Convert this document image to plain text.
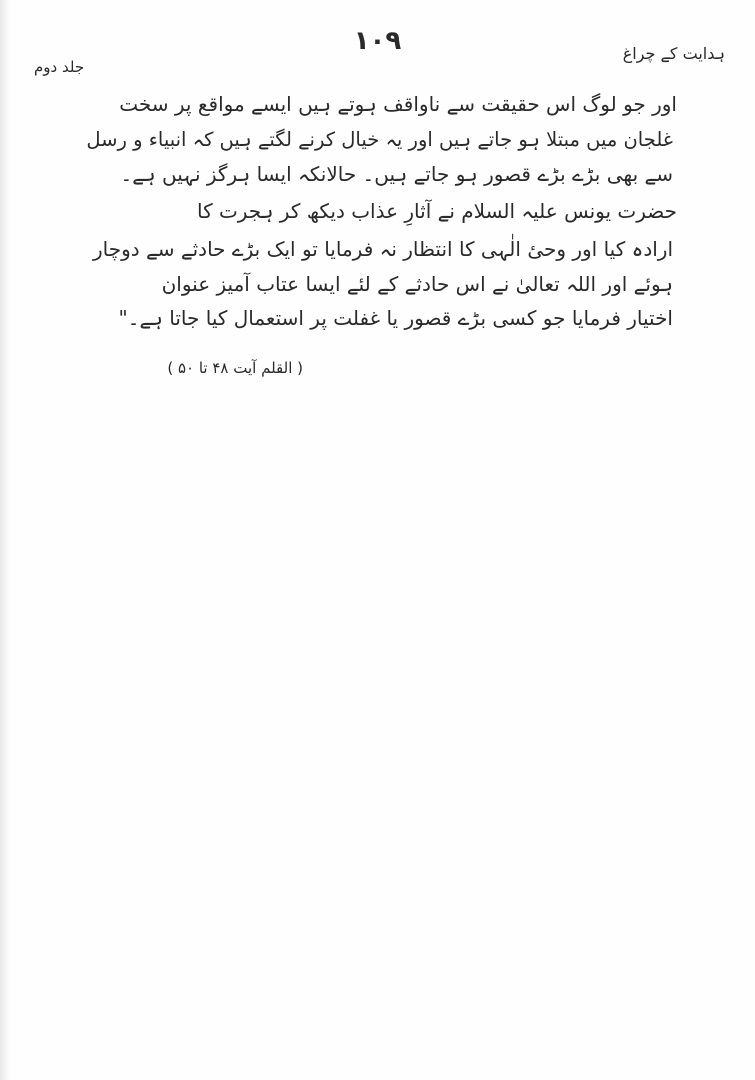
۱۰۹	ہدایت کے چراغ
جلد دوم
اور جو لوگ اس حقیقت سے ناواقف ہوتے ہیں ایسے مواقع پر سخت
غلجان میں مبتلا ہو جاتے ہیں اور یہ خیال کرنے لگتے ہیں کہ انبیاء و رسل
سے بھی بڑے بڑے قصور ہو جاتے ہیں۔ حالانکہ ایسا ہرگز نہیں ہے۔
حضرت یونس علیہ السلام نے آثارِ عذاب دیکھ کر ہجرت کا
ارادہ کیا اور وحیٔ الٰہی کا انتظار نہ فرمایا تو ایک بڑے حادثے سے دوچار
ہوئے اور اللہ تعالیٰ نے اس حادثے کے لئے ایسا عتاب آمیز عنوان
اختیار فرمایا جو کسی بڑے قصور یا غفلت پر استعمال کیا جاتا ہے۔"
( القلم آیت ۴۸ تا ۵۰ )
